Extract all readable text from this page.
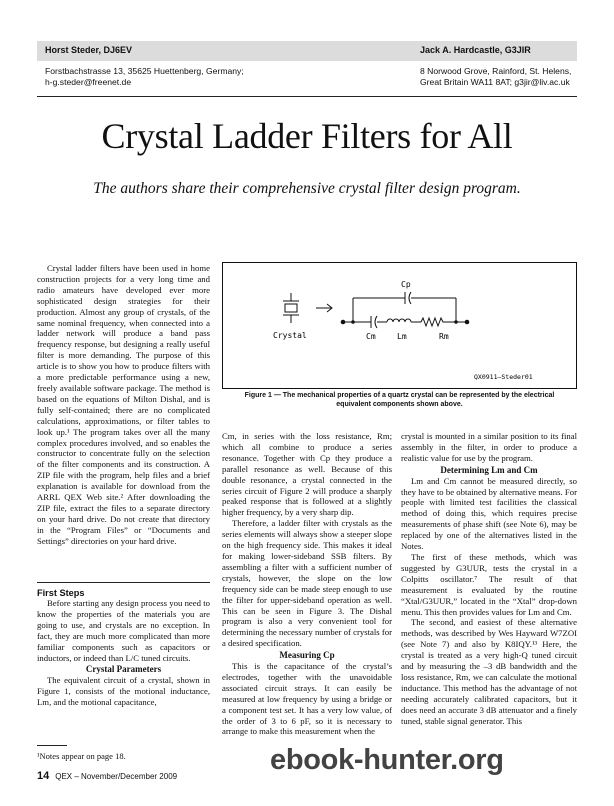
Horst Steder, DJ6EV	Jack A. Hardcastle, G3JIR
Forstbachstrasse 13, 35625 Huettenberg, Germany;
h-g.steder@freenet.de
8 Norwood Grove, Rainford, St. Helens,
Great Britain WA11 8AT; g3jir@liv.ac.uk
Crystal Ladder Filters for All
The authors share their comprehensive crystal filter design program.

Crystal ladder filters have been used in home construction projects for a very long time and radio amateurs have developed ever more sophisticated design strategies for their production. Almost any group of crystals, of the same nominal frequency, when connected into a ladder network will produce a band pass frequency response, but designing a really useful filter is more demanding. The purpose of this article is to show you how to produce filters with a more predictable performance using a new, freely available software package. The method is based on the equations of Milton Dishal, and is fully self-contained; there are no complicated calculations, approximations, or filter tables to look up.¹ The program takes over all the many complex procedures involved, and so enables the constructor to concentrate fully on the selection of the filter components and its construction. A ZIP file with the program, help files and a brief explanation is available for download from the ARRL QEX Web site.² After downloading the ZIP file, extract the files to a separate directory on your hard drive. Do not create that directory in the “Program Files” or “Documents and Settings” directories on your hard drive.

First Steps

Before starting any design process you need to know the properties of the materials you are going to use, and crystals are no exception. In fact, they are much more complicated than more familiar components such as capacitors or inductors, or indeed than L/C tuned circuits.

Crystal Parameters

The equivalent circuit of a crystal, shown in Figure 1, consists of the motional inductance, Lm, and the motional capacitance,

¹Notes appear on page 18.
Cp
Crystal	Cm	Lm	Rm
QX0911—Steder01
Figure 1 — The mechanical properties of a quartz crystal can be represented by the electrical
equivalent components shown above.

Cm, in series with the loss resistance, Rm; which all combine to produce a series resonance. Together with Cp they produce a parallel resonance as well. Because of this double resonance, a crystal connected in the series circuit of Figure 2 will produce a sharply peaked response that is followed at a slightly higher frequency, by a very sharp dip.

Therefore, a ladder filter with crystals as the series elements will always show a steeper slope on the high frequency side. This makes it ideal for making lower-sideband SSB filters. By assembling a filter with a sufficient number of crystals, however, the slope on the low frequency side can be made steep enough to use the filter for upper-sideband operation as well. This can be seen in Figure 3. The Dishal program is also a very convenient tool for determining the necessary number of crystals for a desired specification.

Measuring Cp

This is the capacitance of the crystal’s electrodes, together with the unavoidable associated circuit strays. It can easily be measured at low frequency by using a bridge or a component test set. It has a very low value, of the order of 3 to 6 pF, so it is necessary to arrange to make this measurement when the

crystal is mounted in a similar position to its final assembly in the filter, in order to produce a realistic value for use by the program.

Determining Lm and Cm

Lm and Cm cannot be measured directly, so they have to be obtained by alternative means. For people with limited test facilities the classical method of doing this, which requires precise measurements of phase shift (see Note 6), may be replaced by one of the alternatives listed in the Notes.

The first of these methods, which was suggested by G3UUR, tests the crystal in a Colpitts oscillator.⁷ The result of that measurement is evaluated by the routine “Xtal/G3UUR,” located in the “Xtal” drop-down menu. This then provides values for Lm and Cm.

The second, and easiest of these alternative methods, was described by Wes Hayward W7ZOI (see Note 7) and also by K8IQY.¹³ Here, the crystal is treated as a very high-Q tuned circuit and by measuring the –3 dB bandwidth and the loss resistance, Rm, we can calculate the motional inductance. This method has the advantage of not needing accurately calibrated capacitors, but it does need an accurate 3 dB attenuator and a finely tuned, stable signal generator. This

14 QEX – November/December 2009
ebook-hunter.org
